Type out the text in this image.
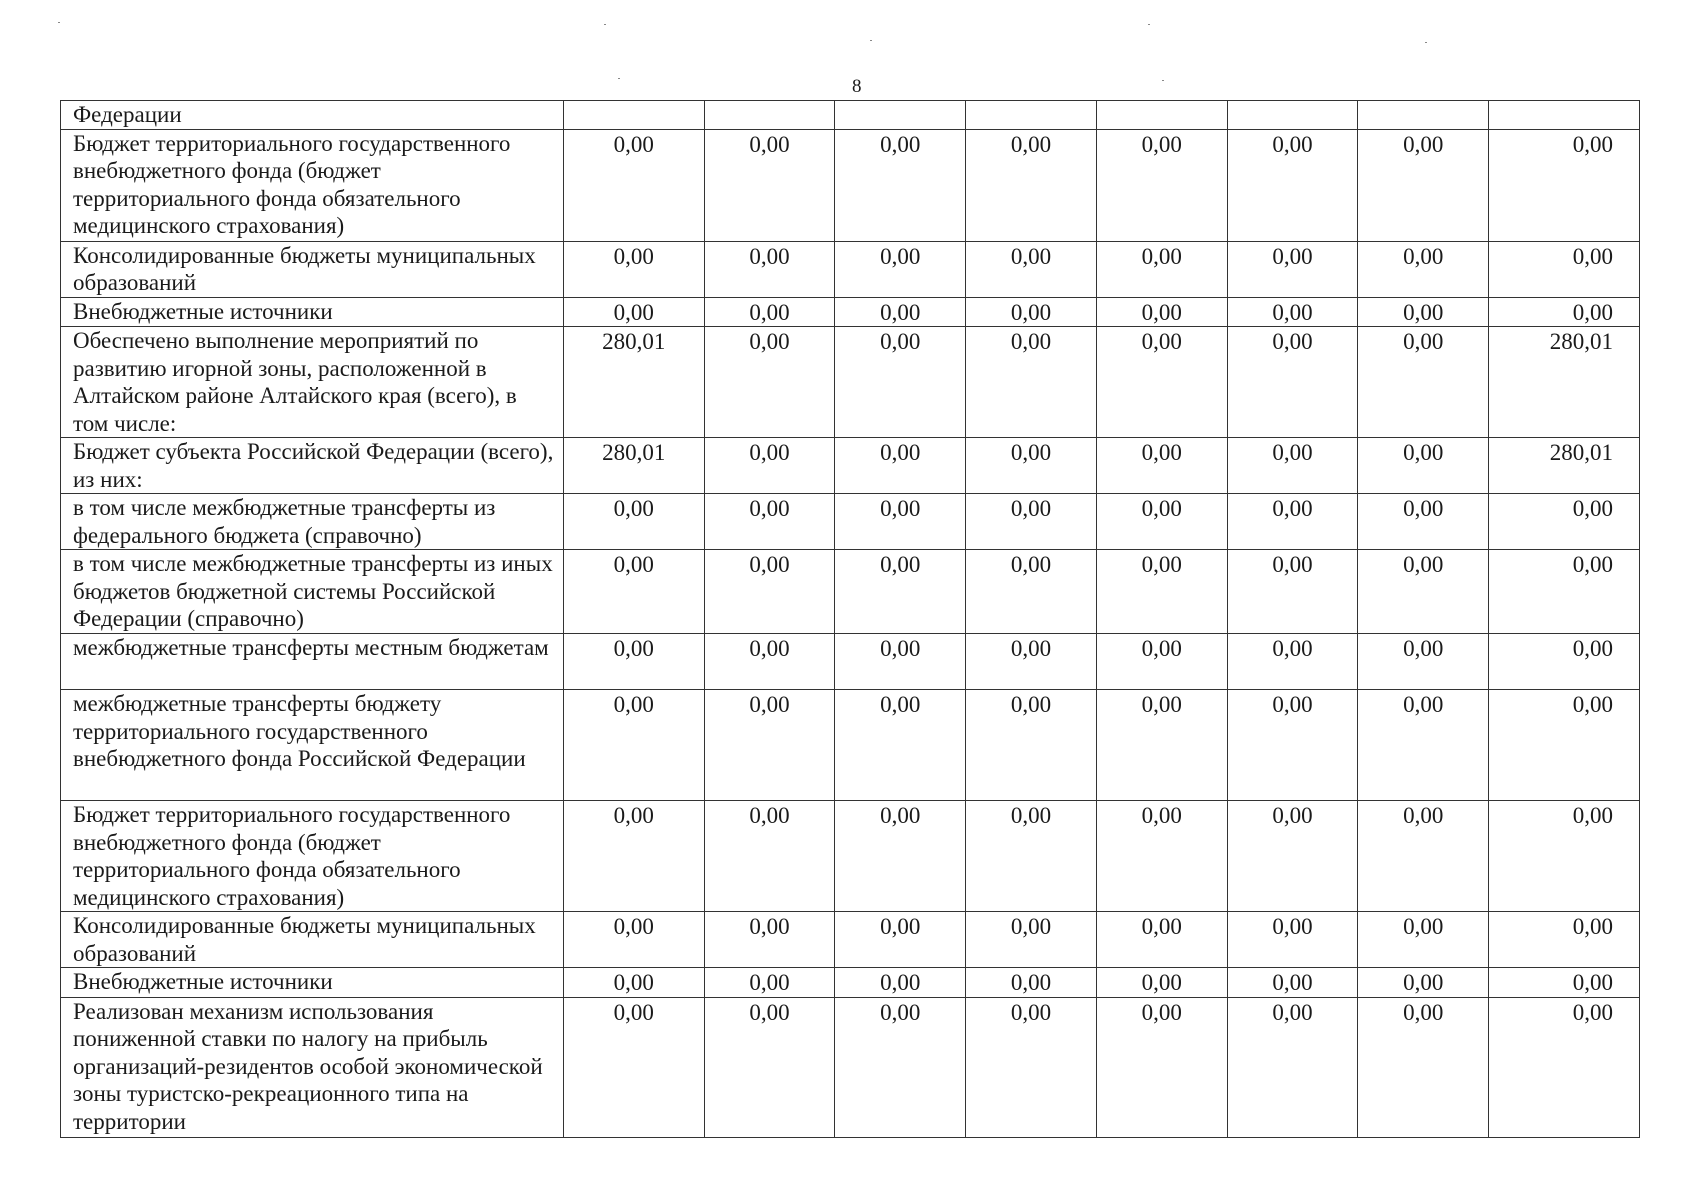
8
Федерации								
Бюджет территориального государственного внебюджетного фонда (бюджет территориального фонда обязательного медицинского страхования)	0,00	0,00	0,00	0,00	0,00	0,00	0,00	0,00
Консолидированные бюджеты муниципальных образований	0,00	0,00	0,00	0,00	0,00	0,00	0,00	0,00
Внебюджетные источники	0,00	0,00	0,00	0,00	0,00	0,00	0,00	0,00
Обеспечено выполнение мероприятий по развитию игорной зоны, расположенной в Алтайском районе Алтайского края (всего), в том числе:	280,01	0,00	0,00	0,00	0,00	0,00	0,00	280,01
Бюджет субъекта Российской Федерации (всего), из них:	280,01	0,00	0,00	0,00	0,00	0,00	0,00	280,01
в том числе межбюджетные трансферты из федерального бюджета (справочно)	0,00	0,00	0,00	0,00	0,00	0,00	0,00	0,00
в том числе межбюджетные трансферты из иных бюджетов бюджетной системы Российской Федерации (справочно)	0,00	0,00	0,00	0,00	0,00	0,00	0,00	0,00
межбюджетные трансферты местным бюджетам	0,00	0,00	0,00	0,00	0,00	0,00	0,00	0,00
межбюджетные трансферты бюджету территориального государственного внебюджетного фонда Российской Федерации	0,00	0,00	0,00	0,00	0,00	0,00	0,00	0,00
Бюджет территориального государственного внебюджетного фонда (бюджет территориального фонда обязательного медицинского страхования)	0,00	0,00	0,00	0,00	0,00	0,00	0,00	0,00
Консолидированные бюджеты муниципальных образований	0,00	0,00	0,00	0,00	0,00	0,00	0,00	0,00
Внебюджетные источники	0,00	0,00	0,00	0,00	0,00	0,00	0,00	0,00
Реализован механизм использования пониженной ставки по налогу на прибыль организаций-резидентов особой экономической зоны туристско-рекреационного типа на территории	0,00	0,00	0,00	0,00	0,00	0,00	0,00	0,00
